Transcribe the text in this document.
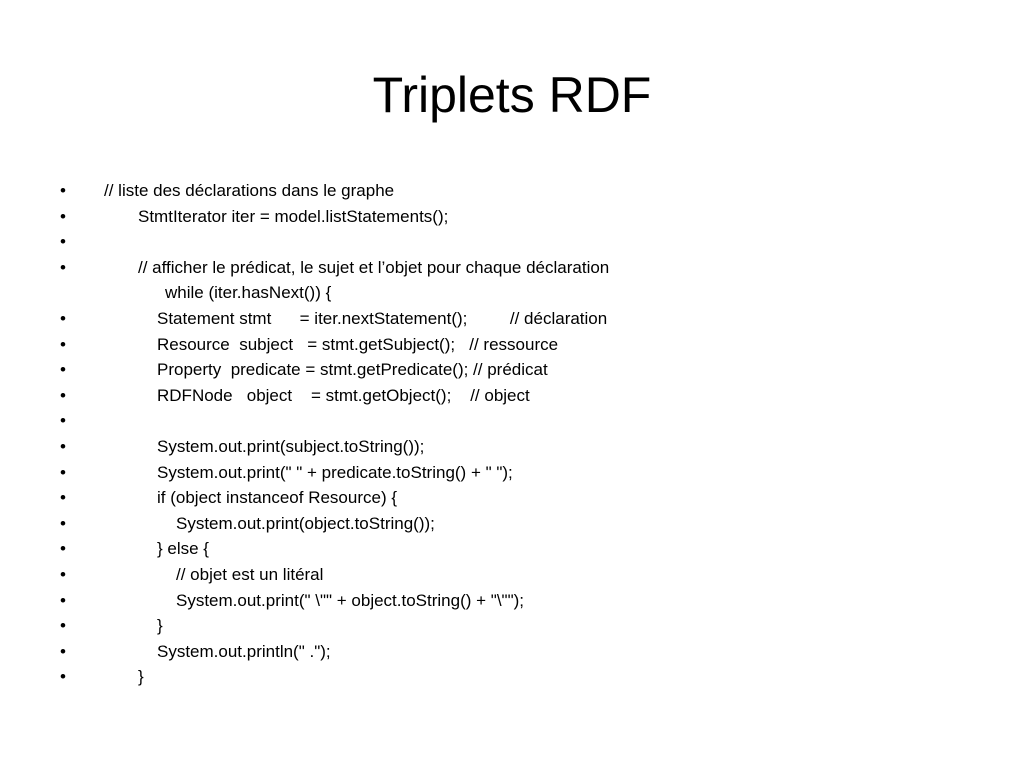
Triplets RDF
•	// liste des déclarations dans le graphe
•	StmtIterator iter = model.listStatements();
•
•	// afficher le prédicat, le sujet et l’objet pour chaque déclaration
while (iter.hasNext()) {
•	Statement stmt      = iter.nextStatement();         // déclaration
•	Resource  subject   = stmt.getSubject();   // ressource
•	Property  predicate = stmt.getPredicate(); // prédicat
•	RDFNode   object    = stmt.getObject();    // object
•
•	System.out.print(subject.toString());
•	System.out.print(" " + predicate.toString() + " ");
•	if (object instanceof Resource) {
•	System.out.print(object.toString());
•	} else {
•	// objet est un litéral
•	System.out.print(" \"" + object.toString() + "\"");
•	}
•	System.out.println(" .");
•	}
